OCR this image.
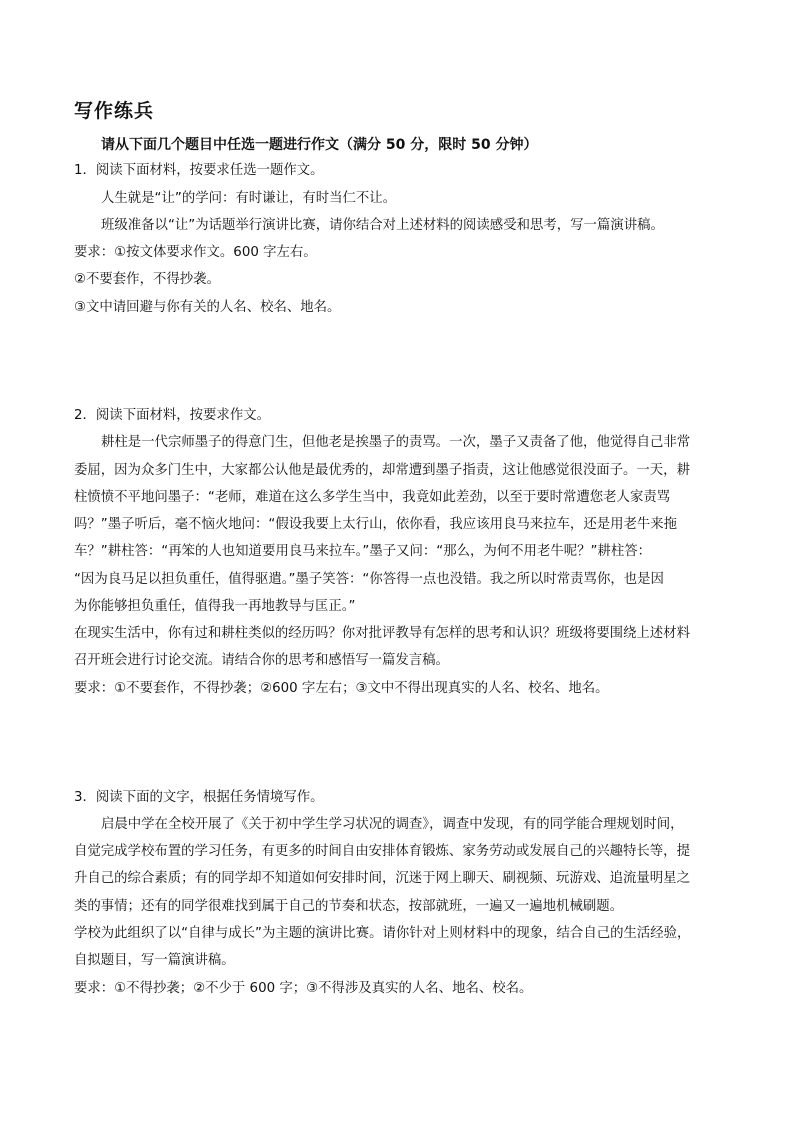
写作练兵
请从下面几个题目中任选一题进行作文（满分 50 分，限时 50 分钟）
1．阅读下面材料，按要求任选一题作文。
人生就是“让”的学问：有时谦让，有时当仁不让。
班级准备以“让”为话题举行演讲比赛，请你结合对上述材料的阅读感受和思考，写一篇演讲稿。
要求：①按文体要求作文。600 字左右。
②不要套作，不得抄袭。
③文中请回避与你有关的人名、校名、地名。
2．阅读下面材料，按要求作文。
耕柱是一代宗师墨子的得意门生，但他老是挨墨子的责骂。一次，墨子又责备了他，他觉得自己非常
委屈，因为众多门生中，大家都公认他是最优秀的，却常遭到墨子指责，这让他感觉很没面子。一天，耕
柱愤愤不平地问墨子：“老师，难道在这么多学生当中，我竟如此差劲，以至于要时常遭您老人家责骂
吗？”墨子听后，毫不恼火地问：“假设我要上太行山，依你看，我应该用良马来拉车，还是用老牛来拖
车？”耕柱答：“再笨的人也知道要用良马来拉车。”墨子又问：“那么，为何不用老牛呢？”耕柱答：
“因为良马足以担负重任，值得驱遣。”墨子笑答：“你答得一点也没错。我之所以时常责骂你，也是因
为你能够担负重任，值得我一再地教导与匡正。”
在现实生活中，你有过和耕柱类似的经历吗？你对批评教导有怎样的思考和认识？班级将要围绕上述材料
召开班会进行讨论交流。请结合你的思考和感悟写一篇发言稿。
要求：①不要套作，不得抄袭；②600 字左右；③文中不得出现真实的人名、校名、地名。
3．阅读下面的文字，根据任务情境写作。
启晨中学在全校开展了《关于初中学生学习状况的调查》，调查中发现，有的同学能合理规划时间，
自觉完成学校布置的学习任务，有更多的时间自由安排体育锻炼、家务劳动或发展自己的兴趣特长等，提
升自己的综合素质；有的同学却不知道如何安排时间，沉迷于网上聊天、刷视频、玩游戏、追流量明星之
类的事情；还有的同学很难找到属于自己的节奏和状态，按部就班，一遍又一遍地机械刷题。
学校为此组织了以“自律与成长”为主题的演讲比赛。请你针对上则材料中的现象，结合自己的生活经验，
自拟题目，写一篇演讲稿。
要求：①不得抄袭；②不少于 600 字；③不得涉及真实的人名、地名、校名。
